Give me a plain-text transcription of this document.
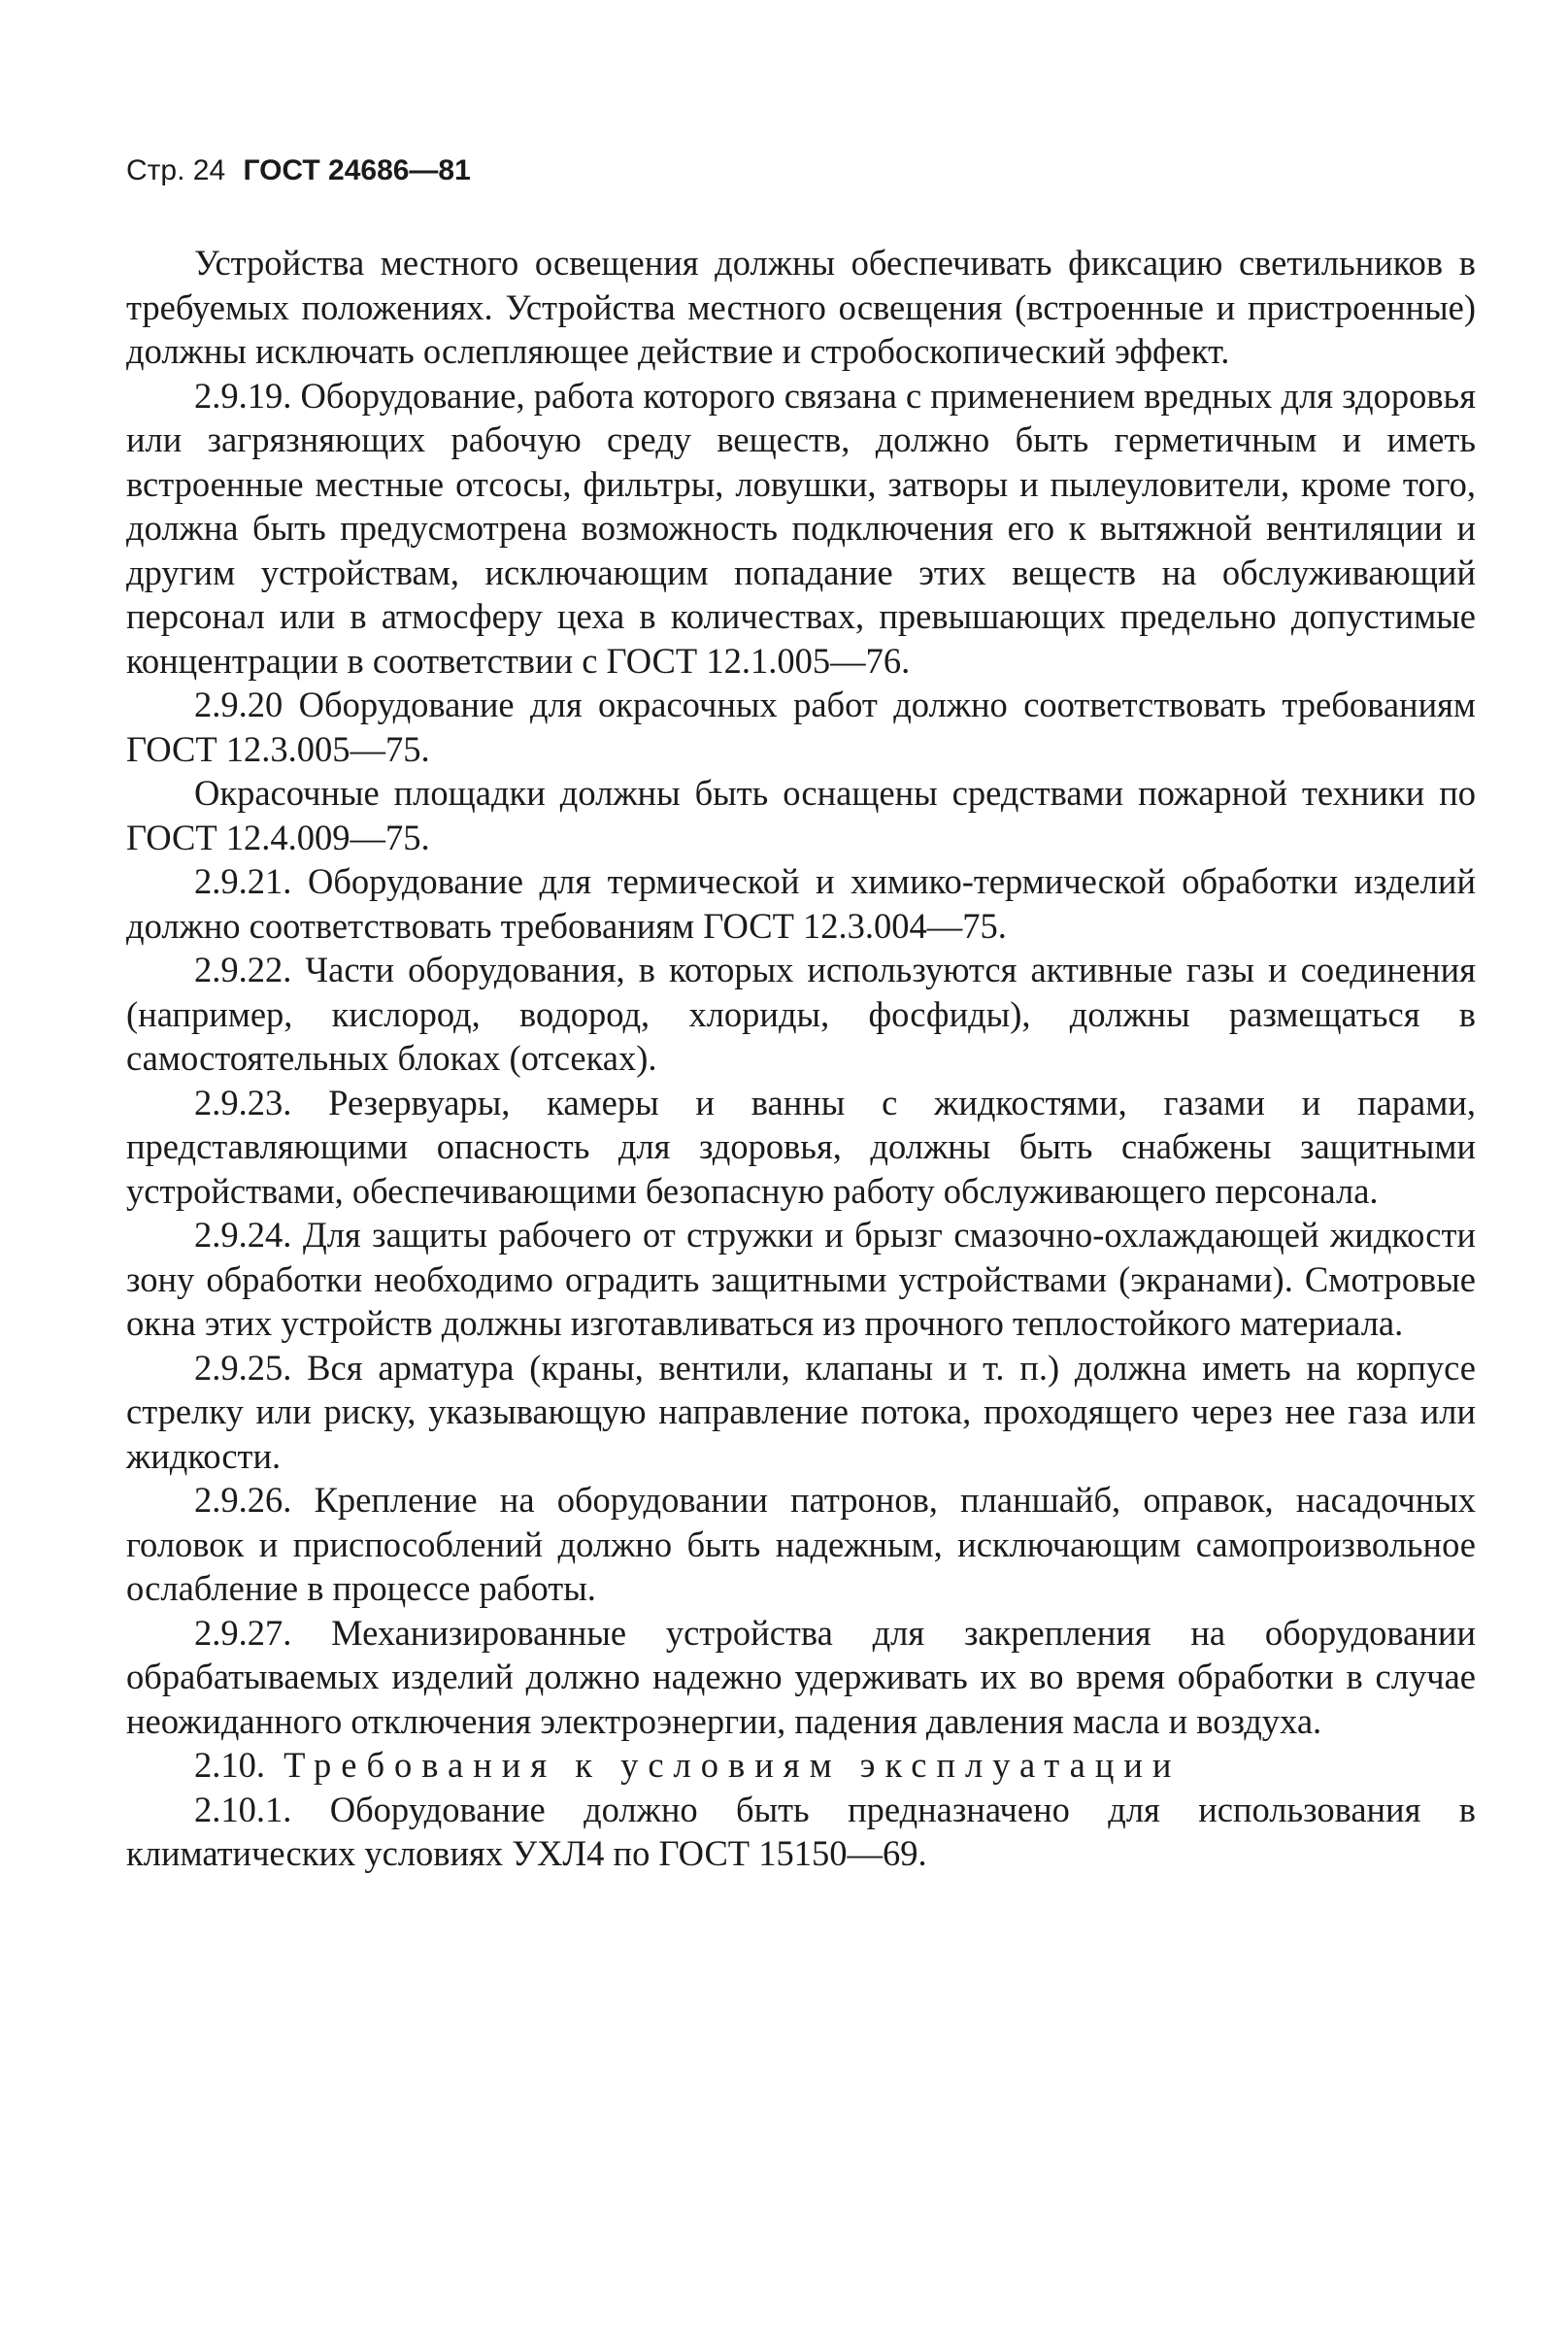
Стр. 24 ГОСТ 24686—81

Устройства местного освещения должны обеспечивать фиксацию светильников в требуемых положениях. Устройства местного освещения (встроенные и пристроенные) должны исключать ослепляющее действие и стробоскопический эффект.

2.9.19. Оборудование, работа которого связана с применением вредных для здоровья или загрязняющих рабочую среду веществ, должно быть герметичным и иметь встроенные местные отсосы, фильтры, ловушки, затворы и пылеуловители, кроме того, должна быть предусмотрена возможность подключения его к вытяжной вентиляции и другим устройствам, исключающим попадание этих веществ на обслуживающий персонал или в атмосферу цеха в количествах, превышающих предельно допустимые концентрации в соответствии с ГОСТ 12.1.005—76.

2.9.20 Оборудование для окрасочных работ должно соответствовать требованиям ГОСТ 12.3.005—75.

Окрасочные площадки должны быть оснащены средствами пожарной техники по ГОСТ 12.4.009—75.

2.9.21. Оборудование для термической и химико-термической обработки изделий должно соответствовать требованиям ГОСТ 12.3.004—75.

2.9.22. Части оборудования, в которых используются активные газы и соединения (например, кислород, водород, хлориды, фосфиды), должны размещаться в самостоятельных блоках (отсеках).

2.9.23. Резервуары, камеры и ванны с жидкостями, газами и парами, представляющими опасность для здоровья, должны быть снабжены защитными устройствами, обеспечивающими безопасную работу обслуживающего персонала.

2.9.24. Для защиты рабочего от стружки и брызг смазочно-охлаждающей жидкости зону обработки необходимо оградить защитными устройствами (экранами). Смотровые окна этих устройств должны изготавливаться из прочного теплостойкого материала.

2.9.25. Вся арматура (краны, вентили, клапаны и т. п.) должна иметь на корпусе стрелку или риску, указывающую направление потока, проходящего через нее газа или жидкости.

2.9.26. Крепление на оборудовании патронов, планшайб, оправок, насадочных головок и приспособлений должно быть надежным, исключающим самопроизвольное ослабление в процессе работы.

2.9.27. Механизированные устройства для закрепления на оборудовании обрабатываемых изделий должно надежно удерживать их во время обработки в случае неожиданного отключения электроэнергии, падения давления масла и воздуха.

2.10. Требования к условиям эксплуатации

2.10.1. Оборудование должно быть предназначено для использования в климатических условиях УХЛ4 по ГОСТ 15150—69.
